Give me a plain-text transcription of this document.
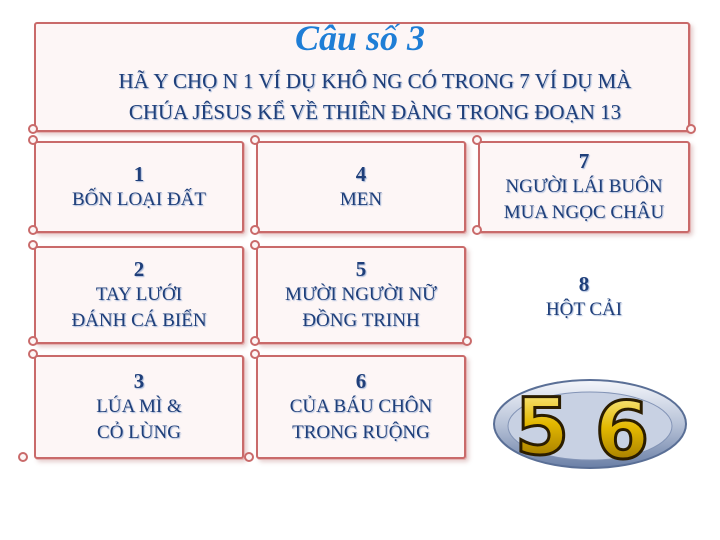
Câu số 3
HÃ Y CHỌ N 1 VÍ DỤ KHÔ NG CÓ TRONG 7 VÍ DỤ MÀ
CHÚA JÊSUS KỂ VỀ THIÊN ĐÀNG TRONG ĐOẠN 13
1
BỐN LOẠI ĐẤT
2
TAY LƯỚI
ĐÁNH CÁ BIỂN
3
LÚA MÌ &
CỎ LÙNG
4
MEN
5
MƯỜI NGƯỜI NỮ
ĐỒNG TRINH
6
CỦA BÁU CHÔN
TRONG RUỘNG
7
NGƯỜI LÁI BUÔN
MUA NGỌC CHÂU
8
HỘT CẢI
5 6
